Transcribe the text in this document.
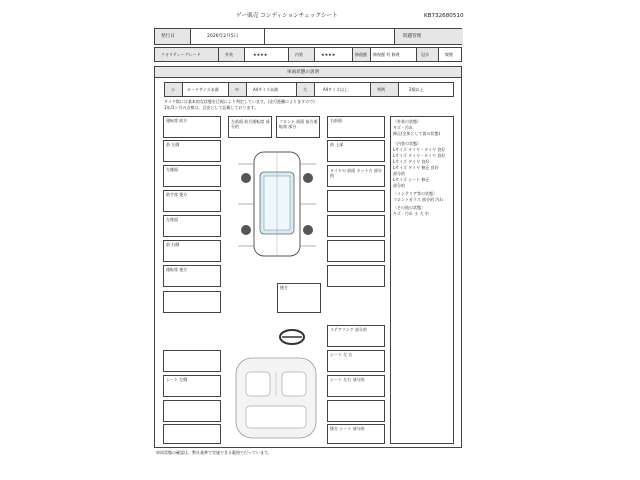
ゲー販売 コンディションチェックシート	KB732680510
発行日	2026年2月5日	問題管理
クオリティーグレード	外装	★★★★	内装	★★★★	修復歴 修復歴 有 修理	冠水	喫煙
車両状態の説明
小	カードサイズ未満	中	A4サイズ未満	大	A4サイズ以上	判例	2個以上
タイヤ数には基本的な状態を目視により判定しています。(走行距離によりますので)
1年/1ヶ月の点検は、目安として記載しております。
運転席 前方
前 左側
左側面
助手席 後方
左後面
前 右側
運転席 後方
左前面 前方運転席 部分的
フロント 前面 前方運転席 部分
右前面
前 上部
タイヤの 前面 ネット方 部分的
後方
シート 左側
ステアリング 部分的
シート 左 右
シート 左右 部分的
後方 シート 部分的
〈外装の状態〉
キズ・汚れ
修正(全体として面の状態)
〈内装の状態〉
Lサイズ タイヤ・タイヤ 良好
Lサイズ タイヤ・タイヤ 良好
Lサイズ タイヤ 良好
Lサイズ タイヤ 修正 良好
部分的
Lサイズ シート 修正
部分的
〈インテリア等の状態〉
フロントガラス 部分的 汚れ
〈その他の状態〉
キズ・汚れ 小 大 中
車両状態の確認は、弊社基準で実施できる範囲で行っています。
